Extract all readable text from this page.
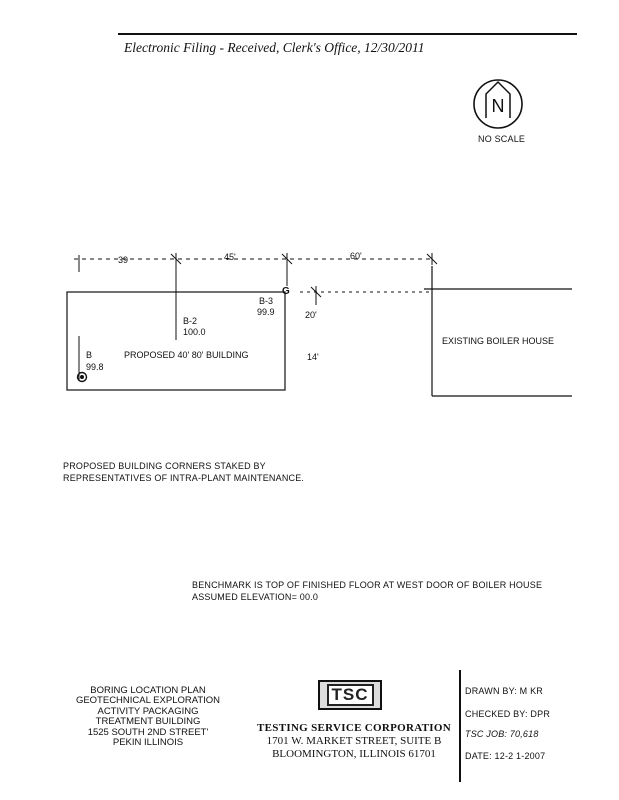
Electronic Filing - Received, Clerk's Office, 12/30/2011
N
NO SCALE
39	45'	60'
G
B-3
99.9
B-2
100.0
B
99.8
PROPOSED 40' 80' BUILDING
20'
14'
EXISTING BOILER HOUSE
PROPOSED BUILDING CORNERS STAKED BY
REPRESENTATIVES OF INTRA-PLANT MAINTENANCE.
BENCHMARK IS TOP OF FINISHED FLOOR AT WEST DOOR OF BOILER HOUSE
ASSUMED ELEVATION= 00.0
BORING LOCATION PLAN
GEOTECHNICAL EXPLORATION
ACTIVITY PACKAGING
TREATMENT BUILDING
1525 SOUTH 2ND STREET'
PEKIN ILLINOIS
TSC
TESTING SERVICE CORPORATION
1701 W. MARKET STREET, SUITE B
BLOOMINGTON, ILLINOIS 61701
DRAWN BY: M KR
CHECKED BY: DPR
TSC JOB: 70,618
DATE: 12-2 1-2007
